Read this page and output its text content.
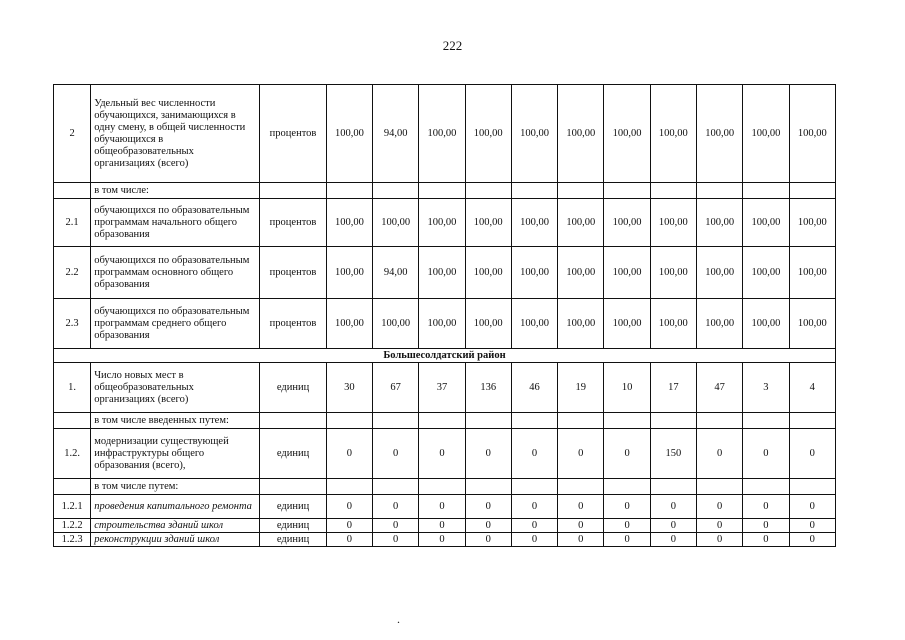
222
2	Удельный вес численности обучающихся, занимающихся в одну смену, в общей численности обучающихся в общеобразовательных организациях (всего)	процентов	100,00	94,00	100,00	100,00	100,00	100,00	100,00	100,00	100,00	100,00	100,00
	в том числе:												
2.1	обучающихся по образовательным программам начального общего образования	процентов	100,00	100,00	100,00	100,00	100,00	100,00	100,00	100,00	100,00	100,00	100,00
2.2	обучающихся по образовательным программам основного общего образования	процентов	100,00	94,00	100,00	100,00	100,00	100,00	100,00	100,00	100,00	100,00	100,00
2.3	обучающихся по образовательным программам среднего общего образования	процентов	100,00	100,00	100,00	100,00	100,00	100,00	100,00	100,00	100,00	100,00	100,00
Большесолдатский район													
1.	Число новых мест в общеобразовательных организациях (всего)	единиц	30	67	37	136	46	19	10	17	47	3	4
	в том числе введенных путем:												
1.2.	модернизации существующей инфраструктуры общего образования (всего),	единиц	0	0	0	0	0	0	0	150	0	0	0
	в том числе путем:												
1.2.1	проведения капитального ремонта	единиц	0	0	0	0	0	0	0	0	0	0	0
1.2.2	строительства зданий школ	единиц	0	0	0	0	0	0	0	0	0	0	0
1.2.3	реконструкции зданий школ	единиц	0	0	0	0	0	0	0	0	0	0	0
.
